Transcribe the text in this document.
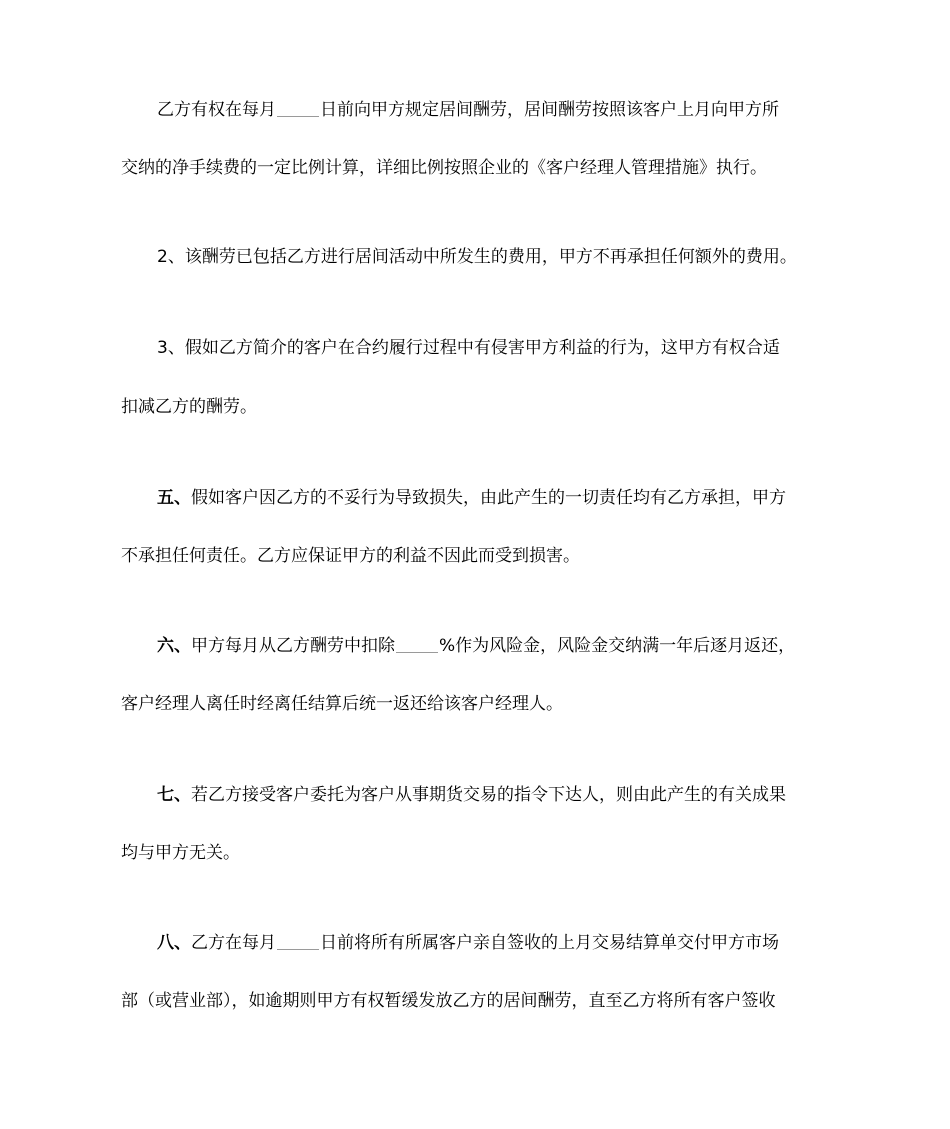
乙方有权在每月	日前向甲方规定居间酬劳，居间酬劳按照该客户上月向甲方所
交纳的净手续费的一定比例计算，详细比例按照企业的《客户经理人管理措施》执行。
2、该酬劳已包括乙方进行居间活动中所发生的费用，甲方不再承担任何额外的费用。
3、假如乙方简介的客户在合约履行过程中有侵害甲方利益的行为，这甲方有权合适
扣减乙方的酬劳。
五、假如客户因乙方的不妥行为导致损失，由此产生的一切责任均有乙方承担，甲方
不承担任何责任。乙方应保证甲方的利益不因此而受到损害。
六、甲方每月从乙方酬劳中扣除	%作为风险金，风险金交纳满一年后逐月返还，
客户经理人离任时经离任结算后统一返还给该客户经理人。
七、若乙方接受客户委托为客户从事期货交易的指令下达人，则由此产生的有关成果
均与甲方无关。
八、乙方在每月	日前将所有所属客户亲自签收的上月交易结算单交付甲方市场
部（或营业部），如逾期则甲方有权暂缓发放乙方的居间酬劳，直至乙方将所有客户签收
